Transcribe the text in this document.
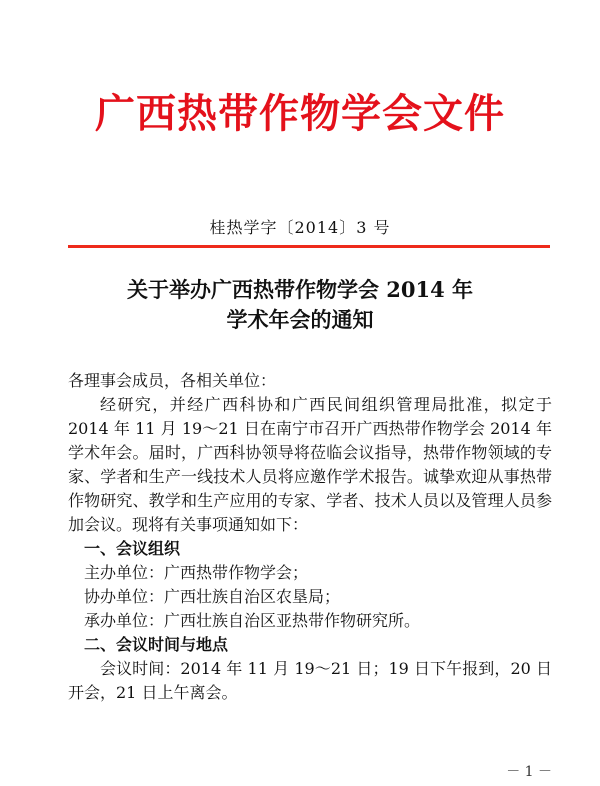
广西热带作物学会文件
桂热学字〔2014〕3 号
关于举办广西热带作物学会 2014 年
学术年会的通知

各理事会成员，各相关单位：

经研究，并经广西科协和广西民间组织管理局批准，拟定于 2014 年 11 月 19～21 日在南宁市召开广西热带作物学会 2014 年学术年会。届时，广西科协领导将莅临会议指导，热带作物领域的专家、学者和生产一线技术人员将应邀作学术报告。诚挚欢迎从事热带作物研究、教学和生产应用的专家、学者、技术人员以及管理人员参加会议。现将有关事项通知如下：

一、会议组织

主办单位：广西热带作物学会；

协办单位：广西壮族自治区农垦局；

承办单位：广西壮族自治区亚热带作物研究所。

二、会议时间与地点

会议时间：2014 年 11 月 19～21 日；19 日下午报到，20 日开会，21 日上午离会。

－ 1 －
